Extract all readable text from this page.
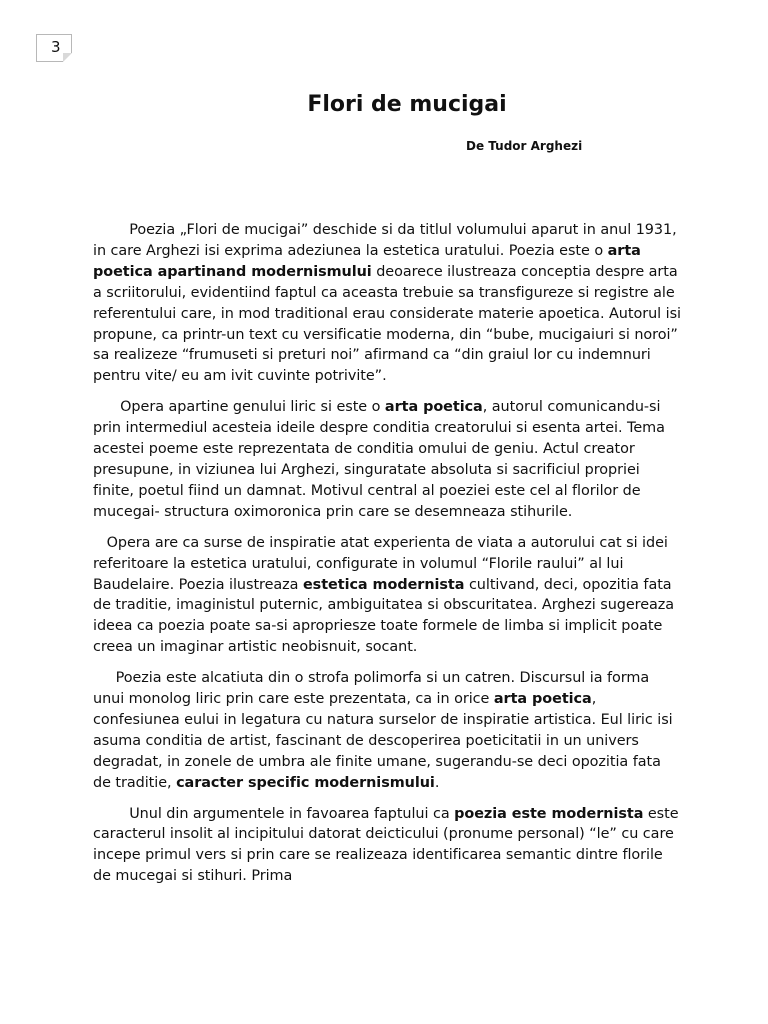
3
Flori de mucigai

De Tudor Arghezi

Poezia „Flori de mucigai” deschide si da titlul volumului aparut in anul 1931, in care Arghezi isi exprima adeziunea la estetica uratului. Poezia este o arta poetica apartinand modernismului deoarece ilustreaza conceptia despre arta a scriitorului, evidentiind faptul ca aceasta trebuie sa transfigureze si registre ale referentului care, in mod traditional erau considerate materie apoetica. Autorul isi propune, ca printr-un text cu versificatie moderna, din “bube, mucigaiuri si noroi” sa realizeze “frumuseti si preturi noi” afirmand ca “din graiul lor cu indemnuri pentru vite/ eu am ivit cuvinte potrivite”.

Opera apartine genului liric si este o arta poetica, autorul comunicandu-si prin intermediul acesteia ideile despre conditia creatorului si esenta artei. Tema acestei poeme este reprezentata de conditia omului de geniu. Actul creator presupune, in viziunea lui Arghezi, singuratate absoluta si sacrificiul propriei finite, poetul fiind un damnat. Motivul central al poeziei este cel al florilor de mucegai- structura oximoronica prin care se desemneaza stihurile.

Opera are ca surse de inspiratie atat experienta de viata a autorului cat si idei referitoare la estetica uratului, configurate in volumul “Florile raului” al lui Baudelaire. Poezia ilustreaza estetica modernista cultivand, deci, opozitia fata de traditie, imaginistul puternic, ambiguitatea si obscuritatea. Arghezi sugereaza ideea ca poezia poate sa-si apropriesze toate formele de limba si implicit poate creea un imaginar artistic neobisnuit, socant.

Poezia este alcatiuta din o strofa polimorfa si un catren. Discursul ia forma unui monolog liric prin care este prezentata, ca in orice arta poetica, confesiunea eului in legatura cu natura surselor de inspiratie artistica. Eul liric isi asuma conditia de artist, fascinant de descoperirea poeticitatii in un univers degradat, in zonele de umbra ale finite umane, sugerandu-se deci opozitia fata de traditie, caracter specific modernismului.

Unul din argumentele in favoarea faptului ca poezia este modernista este caracterul insolit al incipitului datorat deicticului (pronume personal) “le” cu care incepe primul vers si prin care se realizeaza identificarea semantic dintre florile de mucegai si stihuri. Prima
